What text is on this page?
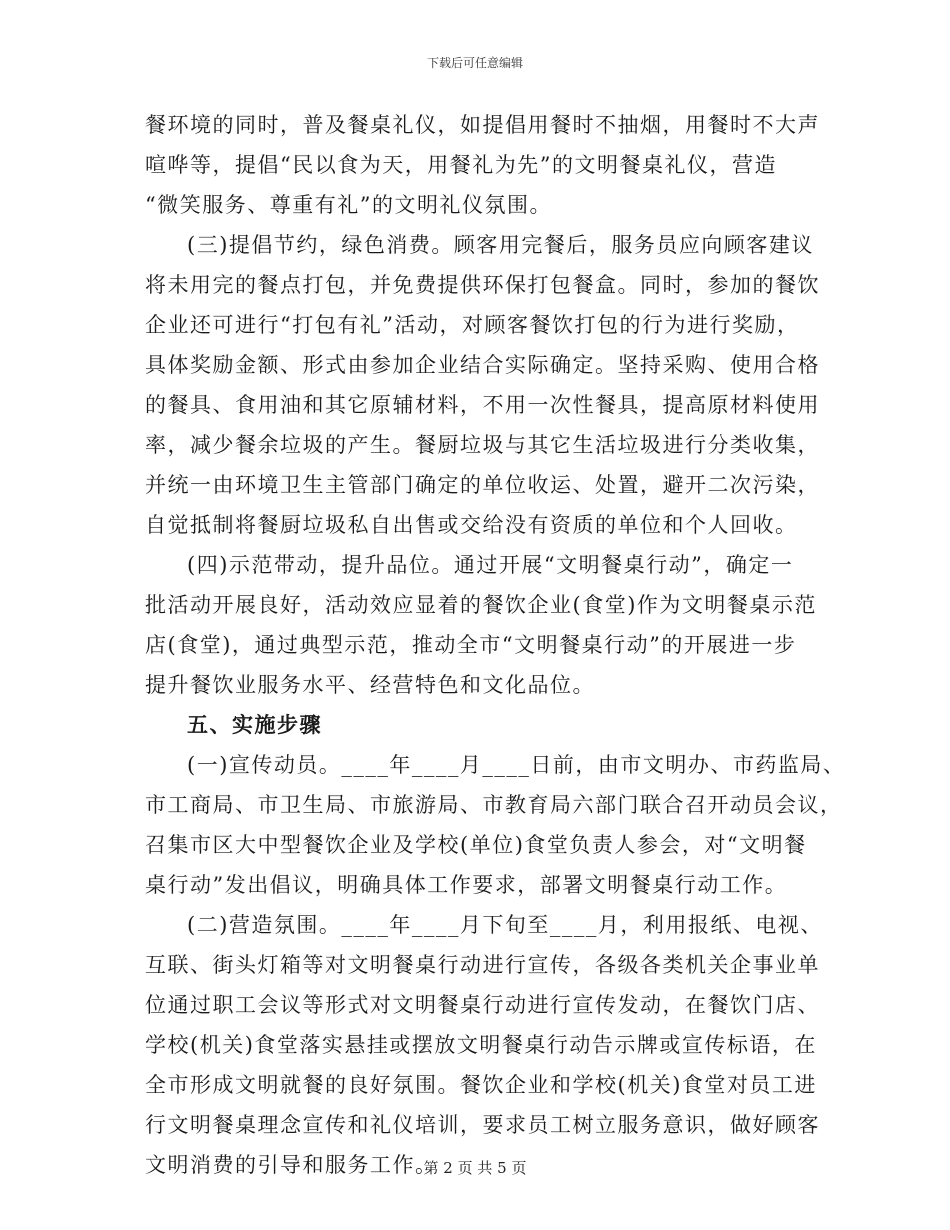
下载后可任意编辑
餐环境的同时，普及餐桌礼仪，如提倡用餐时不抽烟，用餐时不大声
喧哗等，提倡“民以食为天，用餐礼为先”的文明餐桌礼仪，营造
“微笑服务、尊重有礼”的文明礼仪氛围。
(三)提倡节约，绿色消费。顾客用完餐后，服务员应向顾客建议
将未用完的餐点打包，并免费提供环保打包餐盒。同时，参加的餐饮
企业还可进行“打包有礼”活动，对顾客餐饮打包的行为进行奖励，
具体奖励金额、形式由参加企业结合实际确定。坚持采购、使用合格
的餐具、食用油和其它原辅材料，不用一次性餐具，提高原材料使用
率，减少餐余垃圾的产生。餐厨垃圾与其它生活垃圾进行分类收集，
并统一由环境卫生主管部门确定的单位收运、处置，避开二次污染，
自觉抵制将餐厨垃圾私自出售或交给没有资质的单位和个人回收。
(四)示范带动，提升品位。通过开展“文明餐桌行动”，确定一
批活动开展良好，活动效应显着的餐饮企业(食堂)作为文明餐桌示范
店(食堂)，通过典型示范，推动全市“文明餐桌行动”的开展进一步
提升餐饮业服务水平、经营特色和文化品位。
五、实施步骤
(一)宣传动员。____年____月____日前，由市文明办、市药监局、
市工商局、市卫生局、市旅游局、市教育局六部门联合召开动员会议，
召集市区大中型餐饮企业及学校(单位)食堂负责人参会，对“文明餐
桌行动”发出倡议，明确具体工作要求，部署文明餐桌行动工作。
(二)营造氛围。____年____月下旬至____月，利用报纸、电视、
互联、街头灯箱等对文明餐桌行动进行宣传，各级各类机关企事业单
位通过职工会议等形式对文明餐桌行动进行宣传发动，在餐饮门店、
学校(机关)食堂落实悬挂或摆放文明餐桌行动告示牌或宣传标语，在
全市形成文明就餐的良好氛围。餐饮企业和学校(机关)食堂对员工进
行文明餐桌理念宣传和礼仪培训，要求员工树立服务意识，做好顾客
文明消费的引导和服务工作。
第 2 页 共 5 页
